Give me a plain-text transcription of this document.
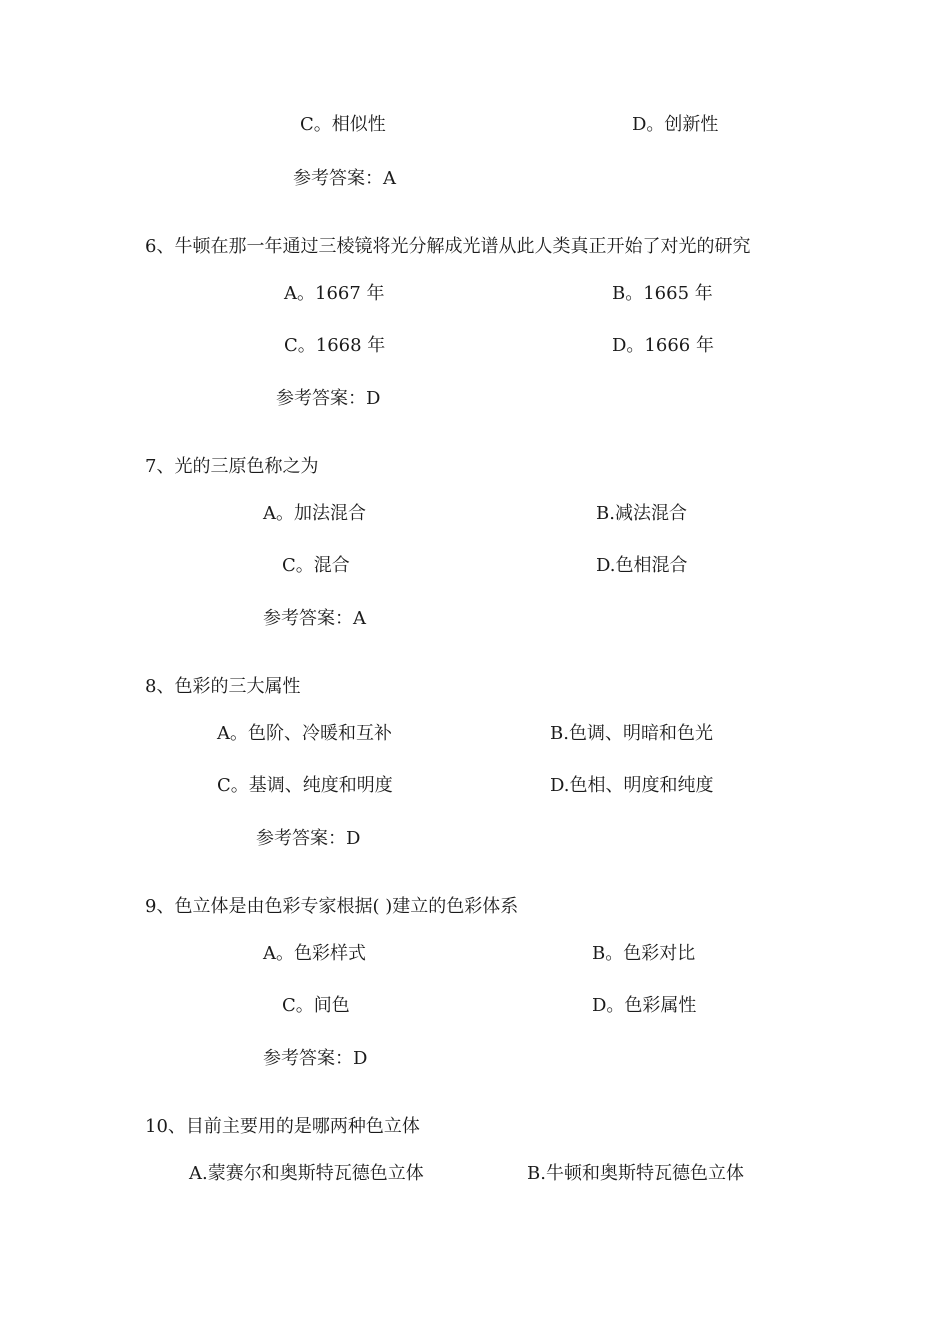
C。相似性	D。创新性
参考答案：A
6、牛顿在那一年通过三棱镜将光分解成光谱从此人类真正开始了对光的研究
A。1667 年	B。1665 年
C。1668 年	D。1666 年
参考答案：D
7、光的三原色称之为
A。加法混合	B.减法混合
C。混合	D.色相混合
参考答案：A
8、色彩的三大属性
A。色阶、冷暖和互补	B.色调、明暗和色光
C。基调、纯度和明度	D.色相、明度和纯度
参考答案：D
9、色立体是由色彩专家根据( )建立的色彩体系
A。色彩样式	B。色彩对比
C。间色	D。色彩属性
参考答案：D
10、目前主要用的是哪两种色立体
A.蒙赛尔和奥斯特瓦德色立体	B.牛顿和奥斯特瓦德色立体
